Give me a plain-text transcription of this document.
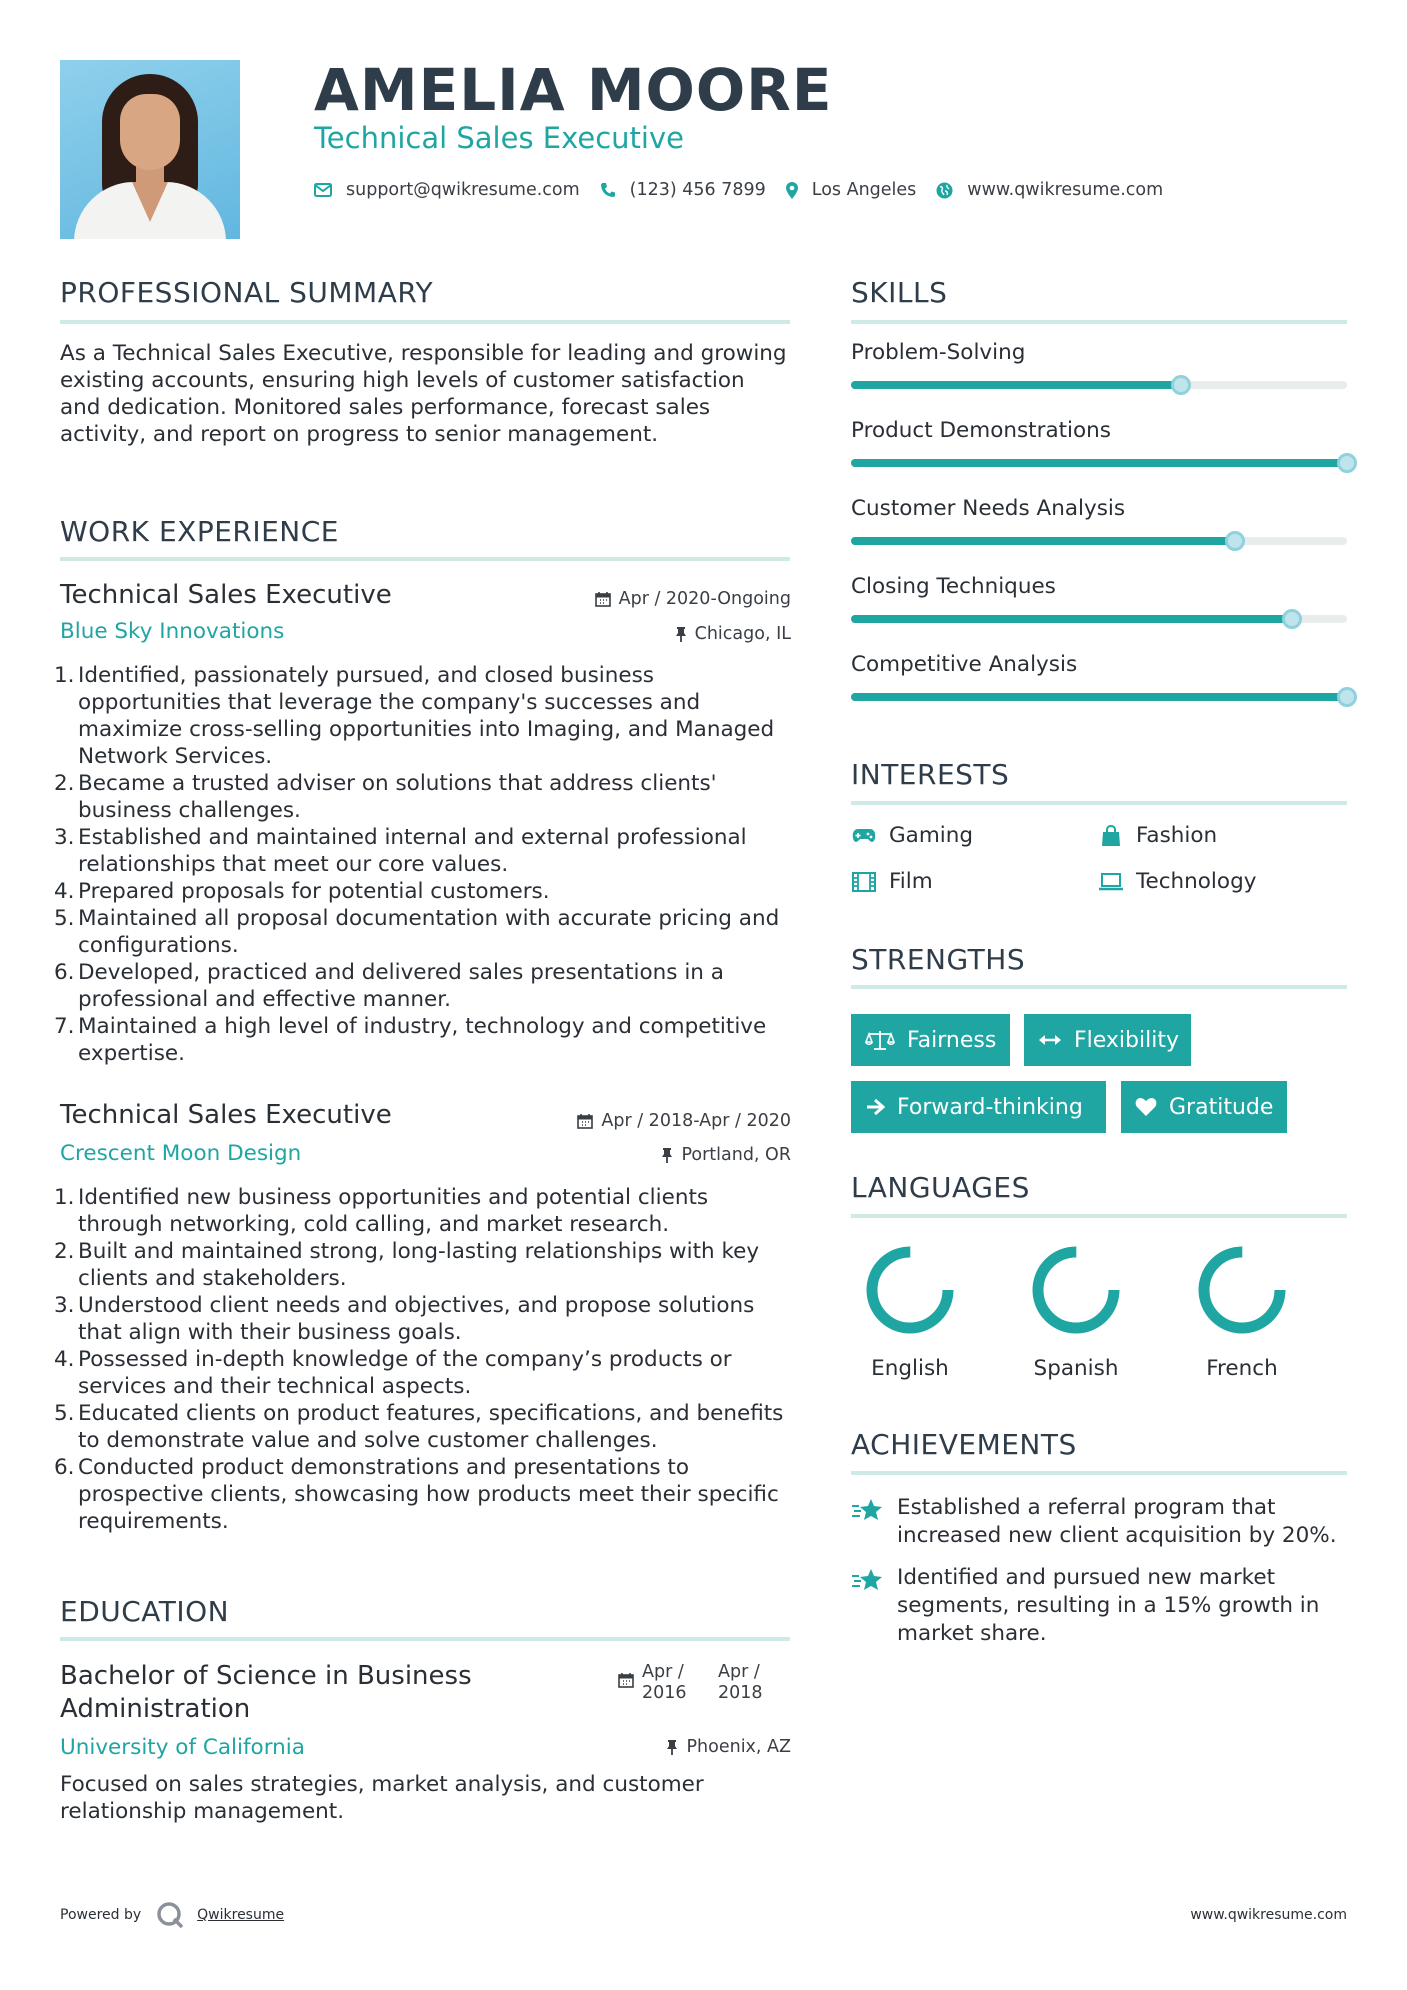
AMELIA MOORE
Technical Sales Executive
support@qwikresume.com	(123) 456 7899	Los Angeles	www.qwikresume.com
PROFESSIONAL SUMMARY
As a Technical Sales Executive, responsible for leading and growing existing accounts, ensuring high levels of customer satisfaction and dedication. Monitored sales performance, forecast sales activity, and report on progress to senior management.
WORK EXPERIENCE
Technical Sales Executive	Apr / 2020-Ongoing
Blue Sky Innovations	Chicago, IL
1. Identified, passionately pursued, and closed business opportunities that leverage the company's successes and maximize cross-selling opportunities into Imaging, and Managed Network Services.
2. Became a trusted adviser on solutions that address clients' business challenges.
3. Established and maintained internal and external professional relationships that meet our core values.
4. Prepared proposals for potential customers.
5. Maintained all proposal documentation with accurate pricing and configurations.
6. Developed, practiced and delivered sales presentations in a professional and effective manner.
7. Maintained a high level of industry, technology and competitive expertise.
Technical Sales Executive	Apr / 2018-Apr / 2020
Crescent Moon Design	Portland, OR
1. Identified new business opportunities and potential clients through networking, cold calling, and market research.
2. Built and maintained strong, long-lasting relationships with key clients and stakeholders.
3. Understood client needs and objectives, and propose solutions that align with their business goals.
4. Possessed in-depth knowledge of the company’s products or services and their technical aspects.
5. Educated clients on product features, specifications, and benefits to demonstrate value and solve customer challenges.
6. Conducted product demonstrations and presentations to prospective clients, showcasing how products meet their specific requirements.
EDUCATION
Bachelor of Science in Business Administration
Apr / 2016
Apr / 2018
University of California	Phoenix, AZ
Focused on sales strategies, market analysis, and customer relationship management.
SKILLS
Problem-Solving
Product Demonstrations
Customer Needs Analysis
Closing Techniques
Competitive Analysis
INTERESTS
Gaming	Fashion
Film	Technology
STRENGTHS
Fairness	Flexibility
Forward-thinking	Gratitude
LANGUAGES
English	Spanish	French
ACHIEVEMENTS
Established a referral program that increased new client acquisition by 20%.
Identified and pursued new market segments, resulting in a 15% growth in market share.
Powered by	Qwikresume	www.qwikresume.com
